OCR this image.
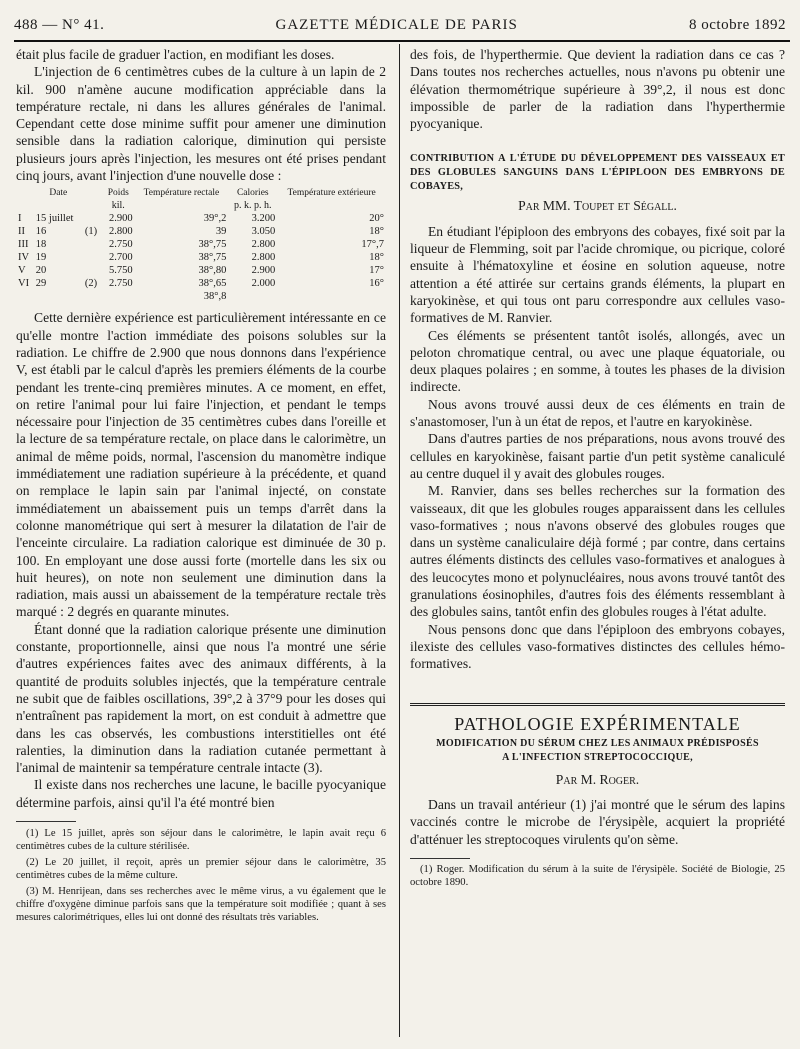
488 — N° 41.	GAZETTE MÉDICALE DE PARIS	8 octobre 1892

était plus facile de graduer l'action, en modifiant les doses.

L'injection de 6 centimètres cubes de la culture à un lapin de 2 kil. 900 n'amène aucune modification appréciable dans la température rectale, ni dans les allures générales de l'animal. Cependant cette dose minime suffit pour amener une diminution sensible dans la radiation calorique, diminution qui persiste plusieurs jours après l'injection, les mesures ont été prises pendant cinq jours, avant l'injection d'une nouvelle dose :

	Date		Poids	Température rectale	Calories	Température extérieure
			kil.		p. k. p. h.	
I	15 juillet		2.900	39°,2	3.200	20°
II	16	(1)	2.800	39	3.050	18°
III	18		2.750	38°,75	2.800	17°,7
IV	19		2.700	38°,75	2.800	18°
V	20		5.750	38°,80	2.900	17°
VI	29	(2)	2.750	38°,65	2.000	16°
				38°,8		

Cette dernière expérience est particulièrement intéressante en ce qu'elle montre l'action immédiate des poisons solubles sur la radiation. Le chiffre de 2.900 que nous donnons dans l'expérience V, est établi par le calcul d'après les premiers éléments de la courbe pendant les trente-cinq premières minutes. A ce moment, en effet, on retire l'animal pour lui faire l'injection, et pendant le temps nécessaire pour l'injection de 35 centimètres cubes dans l'oreille et la lecture de sa température rectale, on place dans le calorimètre, un animal de même poids, normal, l'ascension du manomètre indique immédiatement une radiation supérieure à la précédente, et quand on remplace le lapin sain par l'animal injecté, on constate immédiatement un abaissement puis un temps d'arrêt dans la colonne manométrique qui sert à mesurer la dilatation de l'air de l'enceinte circulaire. La radiation calorique est diminuée de 30 p. 100. En employant une dose aussi forte (mortelle dans les six ou huit heures), on note non seulement une diminution dans la radiation, mais aussi un abaissement de la température rectale très marqué : 2 degrés en quarante minutes.

Étant donné que la radiation calorique présente une diminution constante, proportionnelle, ainsi que nous l'a montré une série d'autres expériences faites avec des animaux différents, à la quantité de produits solubles injectés, que la température centrale ne subit que de faibles oscillations, 39°,2 à 37°9 pour les doses qui n'entraînent pas rapidement la mort, on est conduit à admettre que dans les cas observés, les combustions interstitielles ont été ralenties, la diminution dans la radiation cutanée permettant à l'animal de maintenir sa température centrale intacte (3).

Il existe dans nos recherches une lacune, le bacille pyocyanique détermine parfois, ainsi qu'il l'a été montré bien

(1) Le 15 juillet, après son séjour dans le calorimètre, le lapin avait reçu 6 centimètres cubes de la culture stérilisée.

(2) Le 20 juillet, il reçoit, après un premier séjour dans le calorimètre, 35 centimètres cubes de la même culture.

(3) M. Henrijean, dans ses recherches avec le même virus, a vu également que le chiffre d'oxygène diminue parfois sans que la température soit modifiée ; quant à ses mesures calorimétriques, elles lui ont donné des résultats très variables.

des fois, de l'hyperthermie. Que devient la radiation dans ce cas ? Dans toutes nos recherches actuelles, nous n'avons pu obtenir une élévation thermométrique supérieure à 39°,2, il nous est donc impossible de parler de la radiation dans l'hyperthermie pyocyanique.

CONTRIBUTION A L'ÉTUDE DU DÉVELOPPEMENT DES VAISSEAUX ET DES GLOBULES SANGUINS DANS L'ÉPIPLOON DES EMBRYONS DE COBAYES,
Par MM. Toupet et Ségall.

En étudiant l'épiploon des embryons des cobayes, fixé soit par la liqueur de Flemming, soit par l'acide chromique, ou picrique, coloré ensuite à l'hématoxyline et éosine en solution aqueuse, notre attention a été attirée sur certains grands éléments, la plupart en karyokinèse, et qui tous ont paru correspondre aux cellules vaso-formatives de M. Ranvier.

Ces éléments se présentent tantôt isolés, allongés, avec un peloton chromatique central, ou avec une plaque équatoriale, ou deux plaques polaires ; en somme, à toutes les phases de la division indirecte.

Nous avons trouvé aussi deux de ces éléments en train de s'anastomoser, l'un à un état de repos, et l'autre en karyokinèse.

Dans d'autres parties de nos préparations, nous avons trouvé des cellules en karyokinèse, faisant partie d'un petit système canaliculé au centre duquel il y avait des globules rouges.

M. Ranvier, dans ses belles recherches sur la formation des vaisseaux, dit que les globules rouges apparaissent dans les cellules vaso-formatives ; nous n'avons observé des globules rouges que dans un système canaliculaire déjà formé ; par contre, dans certains autres éléments distincts des cellules vaso-formatives et analogues à des leucocytes mono et polynucléaires, nous avons trouvé tantôt des granulations éosinophiles, d'autres fois des éléments ressemblant à des globules sains, tantôt enfin des globules rouges à l'état adulte.

Nous pensons donc que dans l'épiploon des embryons cobayes, ilexiste des cellules vaso-formatives distinctes des cellules hémo-formatives.

PATHOLOGIE EXPÉRIMENTALE
MODIFICATION DU SÉRUM CHEZ LES ANIMAUX PRÉDISPOSÉS
A L'INFECTION STREPTOCOCCIQUE,
Par M. Roger.

Dans un travail antérieur (1) j'ai montré que le sérum des lapins vaccinés contre le microbe de l'érysipèle, acquiert la propriété d'atténuer les streptocoques virulents qu'on sème.

(1) Roger. Modification du sérum à la suite de l'érysipèle. Société de Biologie, 25 octobre 1890.
